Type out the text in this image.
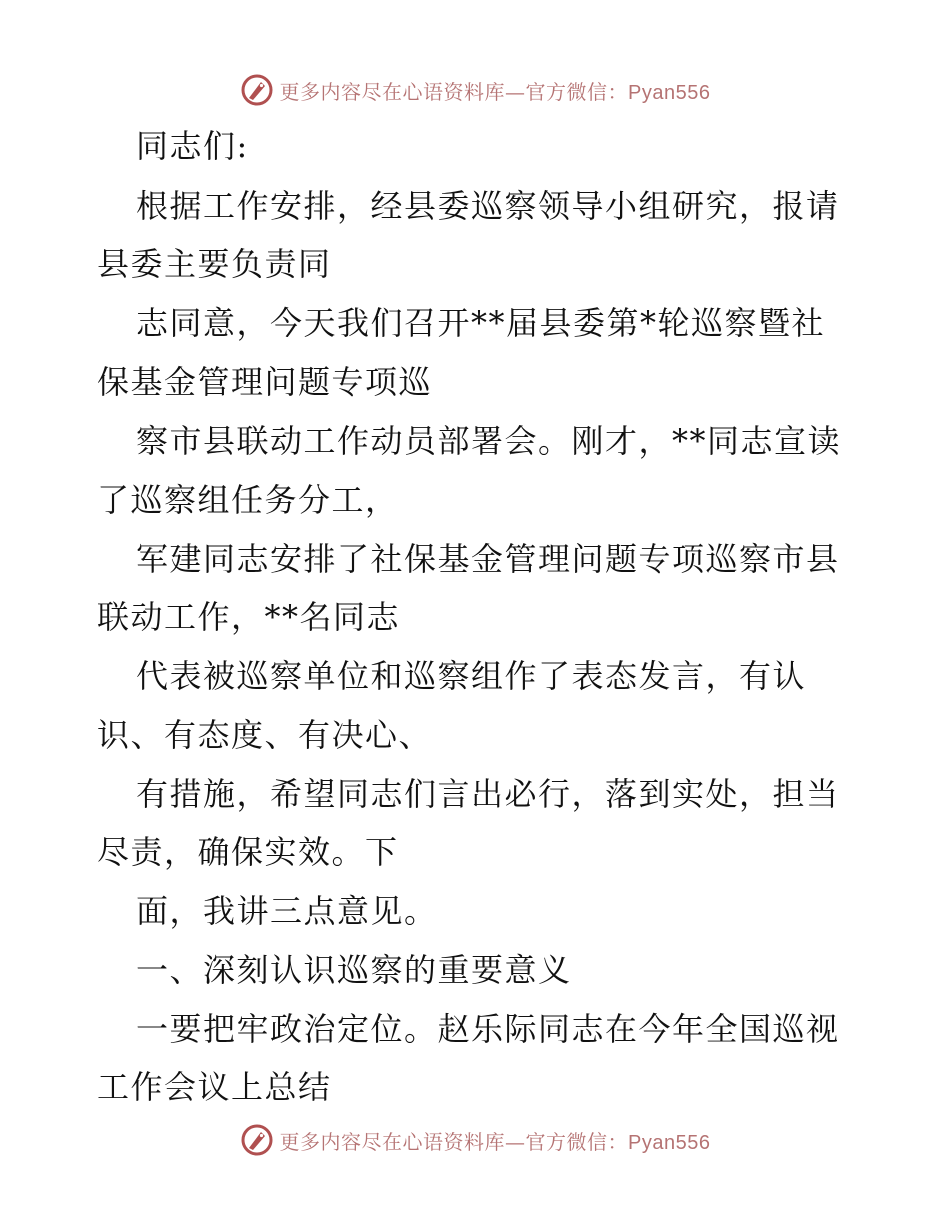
更多内容尽在心语资料库—官方微信：Pyan556
同志们:
根据工作安排，经县委巡察领导小组研究，报请
县委主要负责同
志同意，今天我们召开**届县委第*轮巡察暨社
保基金管理问题专项巡
察市县联动工作动员部署会。刚才，**同志宣读
了巡察组任务分工，
军建同志安排了社保基金管理问题专项巡察市县
联动工作，**名同志
代表被巡察单位和巡察组作了表态发言，有认
识、有态度、有决心、
有措施，希望同志们言出必行，落到实处，担当
尽责，确保实效。下
面，我讲三点意见。
一、深刻认识巡察的重要意义
一要把牢政治定位。赵乐际同志在今年全国巡视
工作会议上总结
更多内容尽在心语资料库—官方微信：Pyan556
